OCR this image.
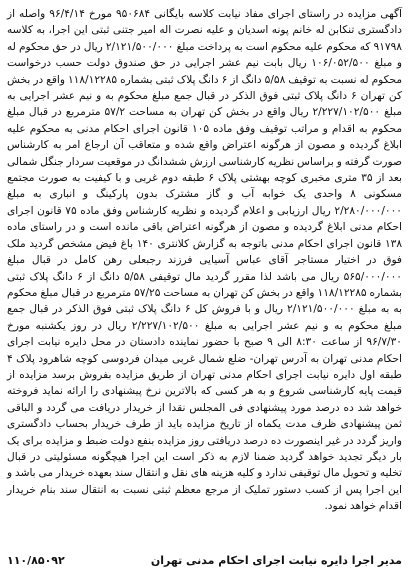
آگهی مزایده در راستای اجرای مفاد نیابت کلاسه بایگانی ۹۵۰۶۸۴ مورخ ۹۶/۴/۱۴ واصله از دادگستری تنکابن له خانم پونه اسدیان و علیه نصرت اله امیر جتنی ثبتی این اجرا، به کلاسه ۹۱۷۹۸ که محکوم علیه محکوم است به پرداخت مبلغ ۲/۱۲۱/۵۰۰/۰۰۰ ریال در حق محکوم له و مبلغ ۱۰۶/۰۵۲/۵۰۰ ریال بابت نیم عشر اجرایی در حق صندوق دولت حسب درخواست محکوم له نسبت به توقیف ۵/۵۸ دانگ از ۶ دانگ پلاک ثبتی بشماره ۱۱۸/۱۲۲۸۵ واقع در بخش کن تهران ۶ دانگ پلاک ثبتی فوق الذکر در قبال جمع مبلغ محکوم به و نیم عشر اجرایی به مبلغ ۲/۲۲۷/۱۰۲/۵۰۰ ریال واقع در بخش کن تهران به مساحت ۵۷/۲ مترمربع در قبال مبلغ محکوم به اقدام و مراتب توقیف وفق ماده ۱۰۵ قانون اجرای احکام مدنی به محکوم علیه ابلاغ گردیده و مصون از هرگونه اعتراض واقع شده و متعاقب آن ارجاع امر به کارشناس صورت گرفته و براساس نظریه کارشناسی ارزش ششدانگ در موقعیت سردار جنگل شمالی بعد از ۳۵ متری مخبری کوچه بهشتی پلاک ۶ طبقه دوم غربی و با کیفیت به صورت مجتمع مسکونی ۸ واحدی یک خوابه آب و گاز مشترک بدون پارکینگ و انباری به مبلغ ۲/۲۸۰/۰۰۰/۰۰۰ ریال ارزیابی و اعلام گردیده و نظریه کارشناس وفق ماده ۷۵ قانون اجرای احکام مدنی ابلاغ گردیده و مصون از هرگونه اعتراض باقی مانده است و در راستای ماده ۱۳۸ قانون اجرای احکام مدنی باتوجه به گزارش کلانتری ۱۴۰ باغ فیض مشخص گردید ملک فوق در اختیار مستاجر آقای عباس آسیایی فرزند رجبعلی رهن کامل در قبال مبلغ ۵۶۵/۰۰۰/۰۰۰ ریال می باشد لذا مقرر گردید مال توقیفی ۵/۵۸ دانگ از ۶ دانگ پلاک ثبتی بشماره ۱۱۸/۱۲۲۸۵ واقع در بخش کن تهران به مساحت ۵۷/۲۵ مترمربع در قبال مبلغ محکوم به به مبلغ ۲/۱۲۱/۵۰۰/۰۰۰ ریال و با فروش کل ۶ دانگ پلاک ثبتی فوق الذکر در قبال جمع مبلغ محکوم به و نیم عشر اجرایی به مبلغ ۲/۲۲۷/۱۰۲/۵۰۰ ریال در روز یکشنبه مورخ ۹۶/۷/۳۰ از ساعت ۸:۳۰ الی ۹ صبح با حضور نماینده دادستان در محل دایره نیابت اجرای احکام مدنی تهران به آدرس تهران- ضلع شمال غربی میدان فردوسی کوچه شاهرود پلاک ۴ طبقه اول دایره نیابت اجرای احکام مدنی تهران از طریق مزایده بفروش برسد مزایده از قیمت پایه کارشناسی شروع و به هر کسی که بالاترین نرخ پیشنهادی را ارائه نماید فروخته خواهد شد ده درصد مورد پیشنهادی فی المجلس نقدا از خریدار دریافت می گردد و الباقی ثمن پیشنهادی ظرف مدت یکماه از تاریخ مزایده باید از طرف خریدار بحساب دادگستری واریز گردد در غیر اینصورت ده درصد دریافتی روز مزایده بنفع دولت ضبط و مزایده برای یک بار دیگر تجدید خواهد گردید ضمنا لازم به ذکر است این اجرا هیچگونه مسئولیتی در قبال تخلیه و تحویل مال توقیفی ندارد و کلیه هزینه های نقل و انتقال سند بعهده خریدار می باشد و این اجرا پس از کسب دستور تملیک از مرجع معظم ثبتی نسبت به انتقال سند بنام خریدار اقدام خواهد نمود.

مدیر اجرا دایره نیابت اجرای احکام مدنی تهران
۱۱۰/۸۵۰۹۲
